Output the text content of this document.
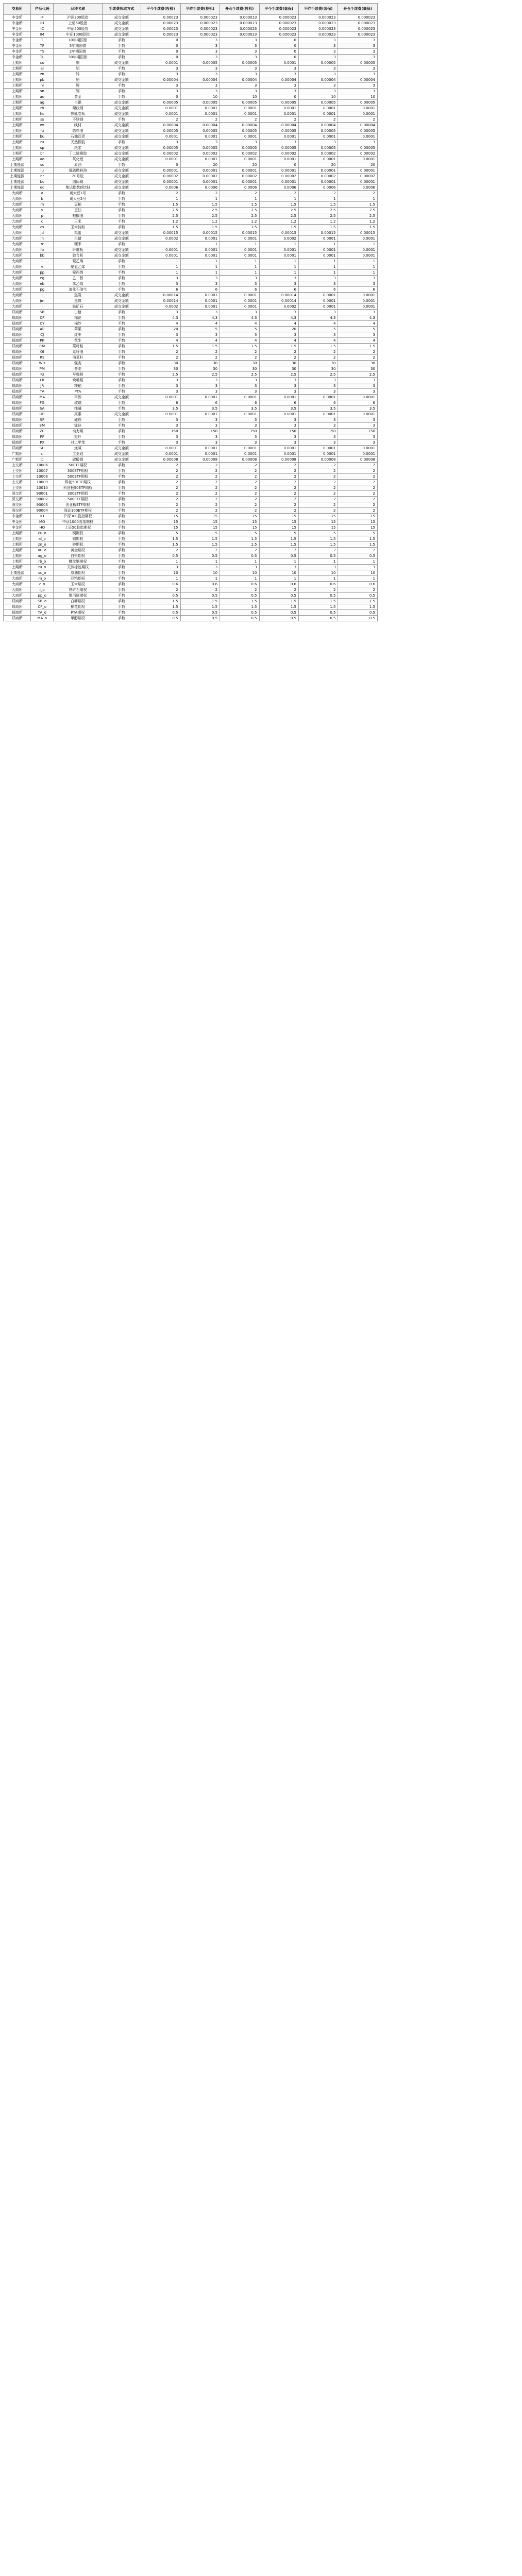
交易所	产品代码	品种名称	手续费收取方式	平今手续费(投机)	平昨手续费(投机)	开仓手续费(投机)	平今手续费(套保)	平昨手续费(套保)	开仓手续费(套保)
中金所	IF	沪深300股指	成交金额	0.00023	0.000023	0.000023	0.000023	0.000023	0.000023
中金所	IH	上证50股指	成交金额	0.00023	0.000023	0.000023	0.000023	0.000023	0.000023
中金所	IC	中证500股指	成交金额	0.00023	0.000023	0.000023	0.000023	0.000023	0.000023
中金所	IM	中证1000股指	成交金额	0.00023	0.000023	0.000023	0.000023	0.000023	0.000023
中金所	T	10年期国债	手数	0	3	3	0	3	3
中金所	TF	5年期国债	手数	0	3	3	0	3	3
中金所	TS	2年期国债	手数	0	3	3	0	3	3
中金所	TL	30年期国债	手数	0	3	3	0	3	3
上期所	cu	铜	成交金额	0.0001	0.00005	0.00005	0.0001	0.00005	0.00005
上期所	al	铝	手数	3	3	3	3	3	3
上期所	zn	锌	手数	3	3	3	3	3	3
上期所	pb	铅	成交金额	0.00004	0.00004	0.00004	0.00004	0.00004	0.00004
上期所	ni	镍	手数	3	3	3	3	3	3
上期所	sn	锡	手数	3	3	3	3	3	3
上期所	au	黄金	手数	0	10	10	0	10	10
上期所	ag	白银	成交金额	0.00005	0.00005	0.00005	0.00005	0.00005	0.00005
上期所	rb	螺纹钢	成交金额	0.0001	0.0001	0.0001	0.0001	0.0001	0.0001
上期所	hc	热轧卷板	成交金额	0.0001	0.0001	0.0001	0.0001	0.0001	0.0001
上期所	ss	不锈钢	手数	2	2	2	2	2	2
上期所	wr	线材	成交金额	0.00004	0.00004	0.00004	0.00004	0.00004	0.00004
上期所	fu	燃料油	成交金额	0.00005	0.00005	0.00005	0.00005	0.00005	0.00005
上期所	bu	石油沥青	成交金额	0.0001	0.0001	0.0001	0.0001	0.0001	0.0001
上期所	ru	天然橡胶	手数	3	3	3	3	3	3
上期所	sp	纸浆	成交金额	0.00005	0.00005	0.00005	0.00005	0.00005	0.00005
上期所	br	丁二烯橡胶	成交金额	0.00002	0.00002	0.00002	0.00002	0.00002	0.00002
上期所	ao	氧化铝	成交金额	0.0001	0.0001	0.0001	0.0001	0.0001	0.0001
上期能源	sc	原油	手数	0	20	20	0	20	20
上期能源	lu	低硫燃料油	成交金额	0.00001	0.00001	0.00001	0.00001	0.00001	0.00001
上期能源	nr	20号胶	成交金额	0.00002	0.00002	0.00002	0.00002	0.00002	0.00002
上期能源	bc	国际铜	成交金额	0.00001	0.00001	0.00001	0.00001	0.00001	0.00001
上期能源	ec	集运指数(欧线)	成交金额	0.0006	0.0006	0.0006	0.0006	0.0006	0.0006
大商所	a	黄大豆1号	手数	2	2	2	2	2	2
大商所	b	黄大豆2号	手数	1	1	1	1	1	1
大商所	m	豆粕	手数	1.5	1.5	1.5	1.5	1.5	1.5
大商所	y	豆油	手数	2.5	2.5	2.5	2.5	2.5	2.5
大商所	p	棕榈油	手数	2.5	2.5	2.5	2.5	2.5	2.5
大商所	c	玉米	手数	1.2	1.2	1.2	1.2	1.2	1.2
大商所	cs	玉米淀粉	手数	1.5	1.5	1.5	1.5	1.5	1.5
大商所	jd	鸡蛋	成交金额	0.00015	0.00015	0.00015	0.00015	0.00015	0.00015
大商所	lh	生猪	成交金额	0.0002	0.0001	0.0001	0.0002	0.0001	0.0001
大商所	rr	粳米	手数	1	1	1	1	1	1
大商所	fb	纤维板	成交金额	0.0001	0.0001	0.0001	0.0001	0.0001	0.0001
大商所	bb	胶合板	成交金额	0.0001	0.0001	0.0001	0.0001	0.0001	0.0001
大商所	l	聚乙烯	手数	1	1	1	1	1	1
大商所	v	聚氯乙烯	手数	1	1	1	1	1	1
大商所	pp	聚丙烯	手数	1	1	1	1	1	1
大商所	eg	乙二醇	手数	3	3	3	3	3	3
大商所	eb	苯乙烯	手数	3	3	3	3	3	3
大商所	pg	液化石油气	手数	6	6	6	6	6	6
大商所	j	焦炭	成交金额	0.00014	0.0001	0.0001	0.00014	0.0001	0.0001
大商所	jm	焦煤	成交金额	0.00014	0.0001	0.0001	0.00014	0.0001	0.0001
大商所	i	铁矿石	成交金额	0.0002	0.0001	0.0001	0.0002	0.0001	0.0001
郑商所	SR	白糖	手数	3	3	3	3	3	3
郑商所	CF	棉花	手数	4.3	4.3	4.3	4.3	4.3	4.3
郑商所	CY	棉纱	手数	4	4	4	4	4	4
郑商所	AP	苹果	手数	20	5	5	20	5	5
郑商所	CJ	红枣	手数	3	3	3	3	3	3
郑商所	PK	花生	手数	4	4	4	4	4	4
郑商所	RM	菜籽粕	手数	1.5	1.5	1.5	1.5	1.5	1.5
郑商所	OI	菜籽油	手数	2	2	2	2	2	2
郑商所	RS	油菜籽	手数	2	2	2	2	2	2
郑商所	WH	强麦	手数	30	30	30	30	30	30
郑商所	PM	普麦	手数	30	30	30	30	30	30
郑商所	RI	早籼稻	手数	2.5	2.5	2.5	2.5	2.5	2.5
郑商所	LR	晚籼稻	手数	3	3	3	3	3	3
郑商所	JR	粳稻	手数	3	3	3	3	3	3
郑商所	TA	PTA	手数	3	3	3	3	3	3
郑商所	MA	甲醇	成交金额	0.0001	0.0001	0.0001	0.0001	0.0001	0.0001
郑商所	FG	玻璃	手数	6	6	6	6	6	6
郑商所	SA	纯碱	手数	3.5	3.5	3.5	3.5	3.5	3.5
郑商所	UR	尿素	成交金额	0.0001	0.0001	0.0001	0.0001	0.0001	0.0001
郑商所	SF	硅铁	手数	3	3	3	3	3	3
郑商所	SM	锰硅	手数	3	3	3	3	3	3
郑商所	ZC	动力煤	手数	150	150	150	150	150	150
郑商所	PF	短纤	手数	3	3	3	3	3	3
郑商所	PX	对二甲苯	手数	3	3	3	3	3	3
郑商所	SH	烧碱	成交金额	0.0001	0.0001	0.0001	0.0001	0.0001	0.0001
广期所	si	工业硅	成交金额	0.0001	0.0001	0.0001	0.0001	0.0001	0.0001
广期所	lc	碳酸锂	成交金额	0.00008	0.00008	0.00008	0.00008	0.00008	0.00008
上交所	10006	50ETF期权	手数	2	2	2	2	2	2
上交所	10007	300ETF期权	手数	2	2	2	2	2	2
上交所	10008	500ETF期权	手数	2	2	2	2	2	2
上交所	10009	科创50ETF期权	手数	2	2	2	2	2	2
上交所	10010	科创板50ETF期权	手数	2	2	2	2	2	2
深交所	90001	300ETF期权	手数	2	2	2	2	2	2
深交所	90002	500ETF期权	手数	2	2	2	2	2	2
深交所	90003	创业板ETF期权	手数	2	2	2	2	2	2
深交所	90004	深证100ETF期权	手数	2	2	2	2	2	2
中金所	IO	沪深300股指期权	手数	15	15	15	15	15	15
中金所	MO	中证1000股指期权	手数	15	15	15	15	15	15
中金所	HO	上证50股指期权	手数	15	15	15	15	15	15
上期所	cu_o	铜期权	手数	5	5	5	5	5	5
上期所	al_o	铝期权	手数	1.5	1.5	1.5	1.5	1.5	1.5
上期所	zn_o	锌期权	手数	1.5	1.5	1.5	1.5	1.5	1.5
上期所	au_o	黄金期权	手数	2	2	2	2	2	2
上期所	ag_o	白银期权	手数	0.5	0.5	0.5	0.5	0.5	0.5
上期所	rb_o	螺纹钢期权	手数	1	1	1	1	1	1
上期所	ru_o	天然橡胶期权	手数	3	3	3	3	3	3
上期能源	sc_o	原油期权	手数	10	10	10	10	10	10
大商所	m_o	豆粕期权	手数	1	1	1	1	1	1
大商所	c_o	玉米期权	手数	0.6	0.6	0.6	0.6	0.6	0.6
大商所	i_o	铁矿石期权	手数	2	2	2	2	2	2
大商所	pp_o	聚丙烯期权	手数	0.5	0.5	0.5	0.5	0.5	0.5
郑商所	SR_o	白糖期权	手数	1.5	1.5	1.5	1.5	1.5	1.5
郑商所	CF_o	棉花期权	手数	1.5	1.5	1.5	1.5	1.5	1.5
郑商所	TA_o	PTA期权	手数	0.5	0.5	0.5	0.5	0.5	0.5
郑商所	MA_o	甲醇期权	手数	0.5	0.5	0.5	0.5	0.5	0.5
